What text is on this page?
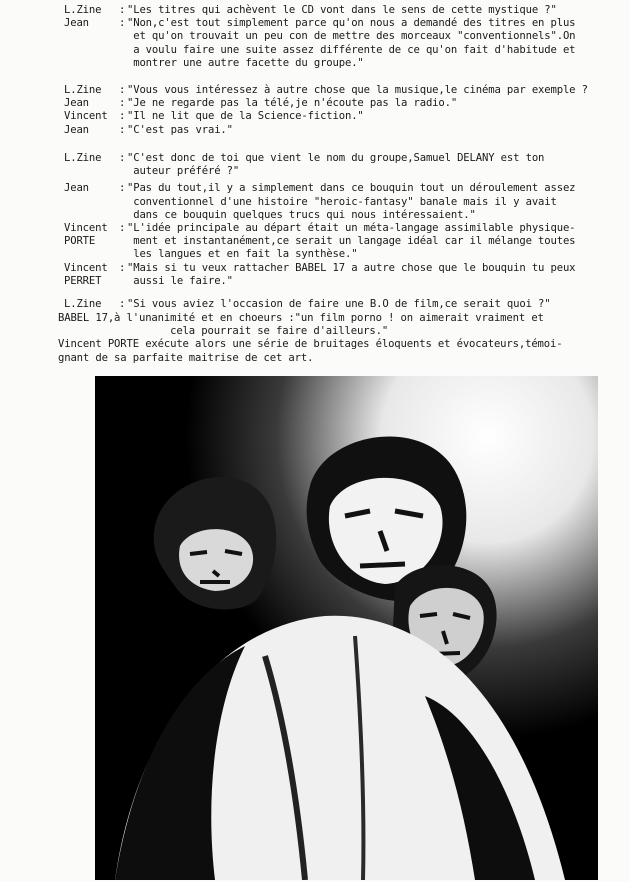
L.Zine	: "Les titres qui achèvent le CD vont dans le sens de cette mystique ?"
Jean	: "Non,c'est tout simplement parce qu'on nous a demandé des titres en plus
et qu'on trouvait un peu con de mettre des morceaux "conventionnels".On
a voulu faire une suite assez différente de ce qu'on fait d'habitude et
montrer une autre facette du groupe."
L.Zine	: "Vous vous intéressez à autre chose que la musique,le cinéma par exemple ?
Jean	: "Je ne regarde pas la télé,je n'écoute pas la radio."
Vincent	: "Il ne lit que de la Science-fiction."
Jean	: "C'est pas vrai."
L.Zine	: "C'est donc de toi que vient le nom du groupe,Samuel DELANY est ton
auteur préféré ?"
Jean	: "Pas du tout,il y a simplement dans ce bouquin tout un déroulement assez
conventionnel d'une histoire "heroic-fantasy" banale mais il y avait
dans ce bouquin quelques trucs qui nous intéressaient."
Vincent	: "L'idée principale au départ était un méta-langage assimilable physique-
PORTE	ment et instantanément,ce serait un langage idéal car il mélange toutes
les langues et en fait la synthèse."
Vincent	: "Mais si tu veux rattacher BABEL 17 a autre chose que le bouquin tu peux
PERRET	aussi le faire."
L.Zine	: "Si vous aviez l'occasion de faire une B.O de film,ce serait quoi ?"
BABEL 17,à l'unanimité et en choeurs :"un film porno ! on aimerait vraiment et
cela pourrait se faire d'ailleurs."
Vincent PORTE exécute alors une série de bruitages éloquents et évocateurs,témoi-
gnant de sa parfaite maitrise de cet art.
